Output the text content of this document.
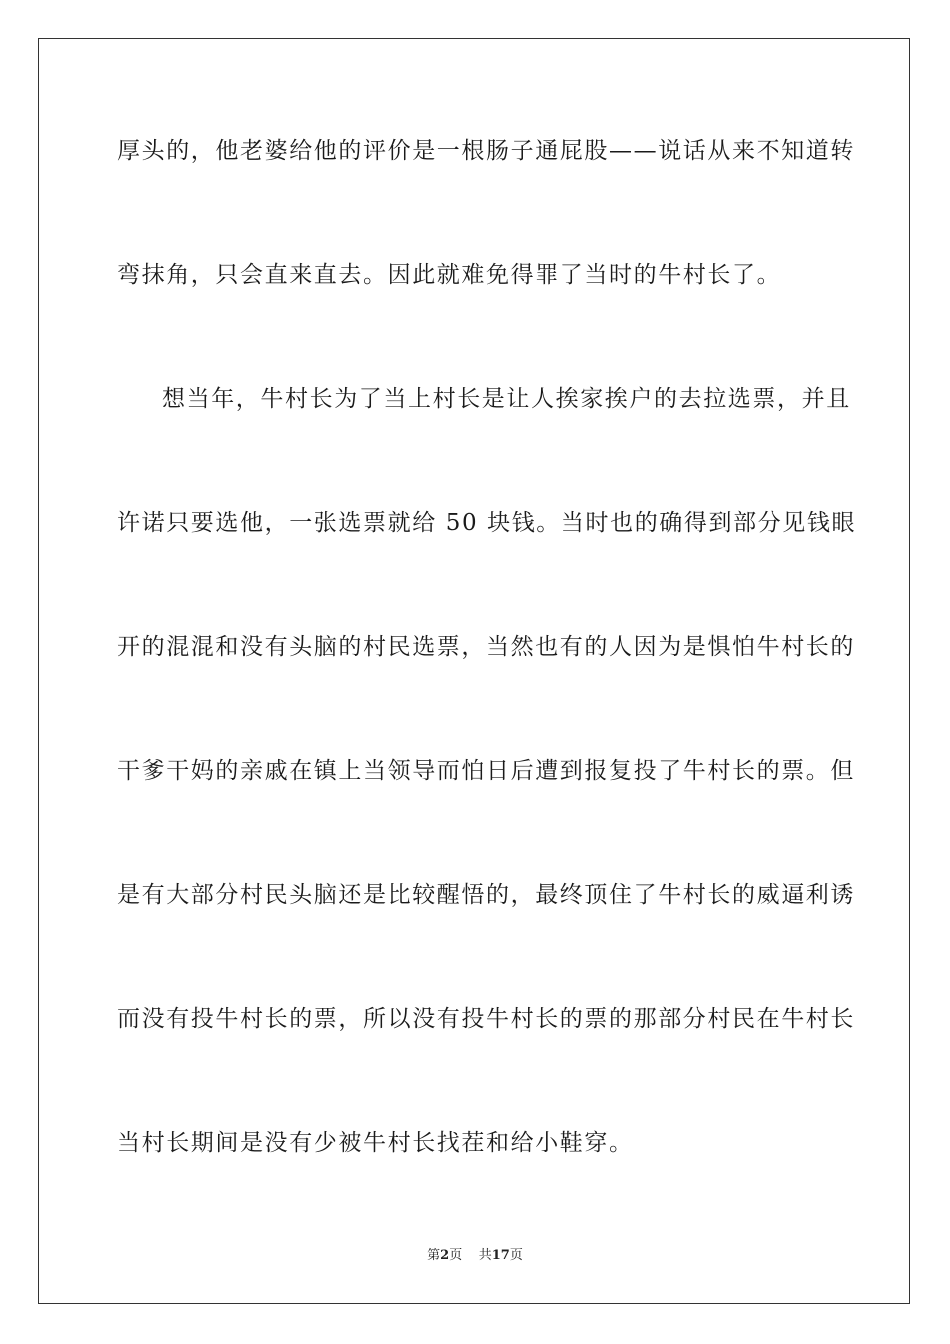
厚头的，他老婆给他的评价是一根肠子通屁股——说话从来不知道转
弯抹角，只会直来直去。因此就难免得罪了当时的牛村长了。
想当年，牛村长为了当上村长是让人挨家挨户的去拉选票，并且
许诺只要选他，一张选票就给 50 块钱。当时也的确得到部分见钱眼
开的混混和没有头脑的村民选票，当然也有的人因为是惧怕牛村长的
干爹干妈的亲戚在镇上当领导而怕日后遭到报复投了牛村长的票。但
是有大部分村民头脑还是比较醒悟的，最终顶住了牛村长的威逼利诱
而没有投牛村长的票，所以没有投牛村长的票的那部分村民在牛村长
当村长期间是没有少被牛村长找茬和给小鞋穿。
第2页 共17页
